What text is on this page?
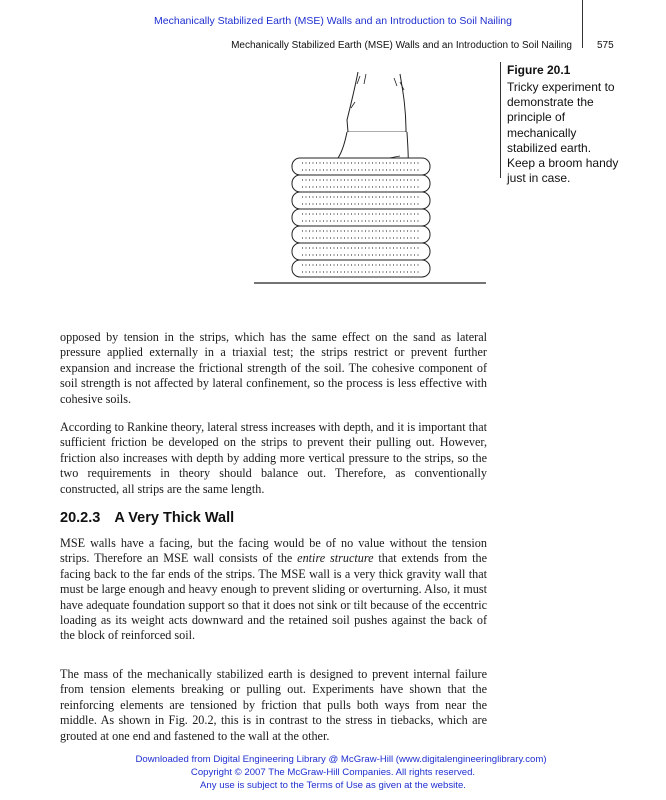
Mechanically Stabilized Earth (MSE) Walls and an Introduction to Soil Nailing
Mechanically Stabilized Earth (MSE) Walls and an Introduction to Soil Nailing	575
Figure 20.1
Tricky experiment to demonstrate the principle of mechanically stabilized earth. Keep a broom handy just in case.
opposed by tension in the strips, which has the same effect on the sand as lateral pressure applied externally in a triaxial test; the strips restrict or prevent further expansion and increase the frictional strength of the soil. The cohesive component of soil strength is not affected by lateral confinement, so the process is less effective with cohesive soils.
According to Rankine theory, lateral stress increases with depth, and it is important that sufficient friction be developed on the strips to prevent their pulling out. However, friction also increases with depth by adding more vertical pressure to the strips, so the two requirements in theory should balance out. Therefore, as conventionally constructed, all strips are the same length.
20.2.3 A Very Thick Wall
MSE walls have a facing, but the facing would be of no value without the tension strips. Therefore an MSE wall consists of the entire structure that extends from the facing back to the far ends of the strips. The MSE wall is a very thick gravity wall that must be large enough and heavy enough to prevent sliding or overturning. Also, it must have adequate foundation support so that it does not sink or tilt because of the eccentric loading as its weight acts downward and the retained soil pushes against the back of the block of reinforced soil.
The mass of the mechanically stabilized earth is designed to prevent internal failure from tension elements breaking or pulling out. Experiments have shown that the reinforcing elements are tensioned by friction that pulls both ways from near the middle. As shown in Fig. 20.2, this is in contrast to the stress in tiebacks, which are grouted at one end and fastened to the wall at the other.
Downloaded from Digital Engineering Library @ McGraw-Hill (www.digitalengineeringlibrary.com)
Copyright © 2007 The McGraw-Hill Companies. All rights reserved.
Any use is subject to the Terms of Use as given at the website.
